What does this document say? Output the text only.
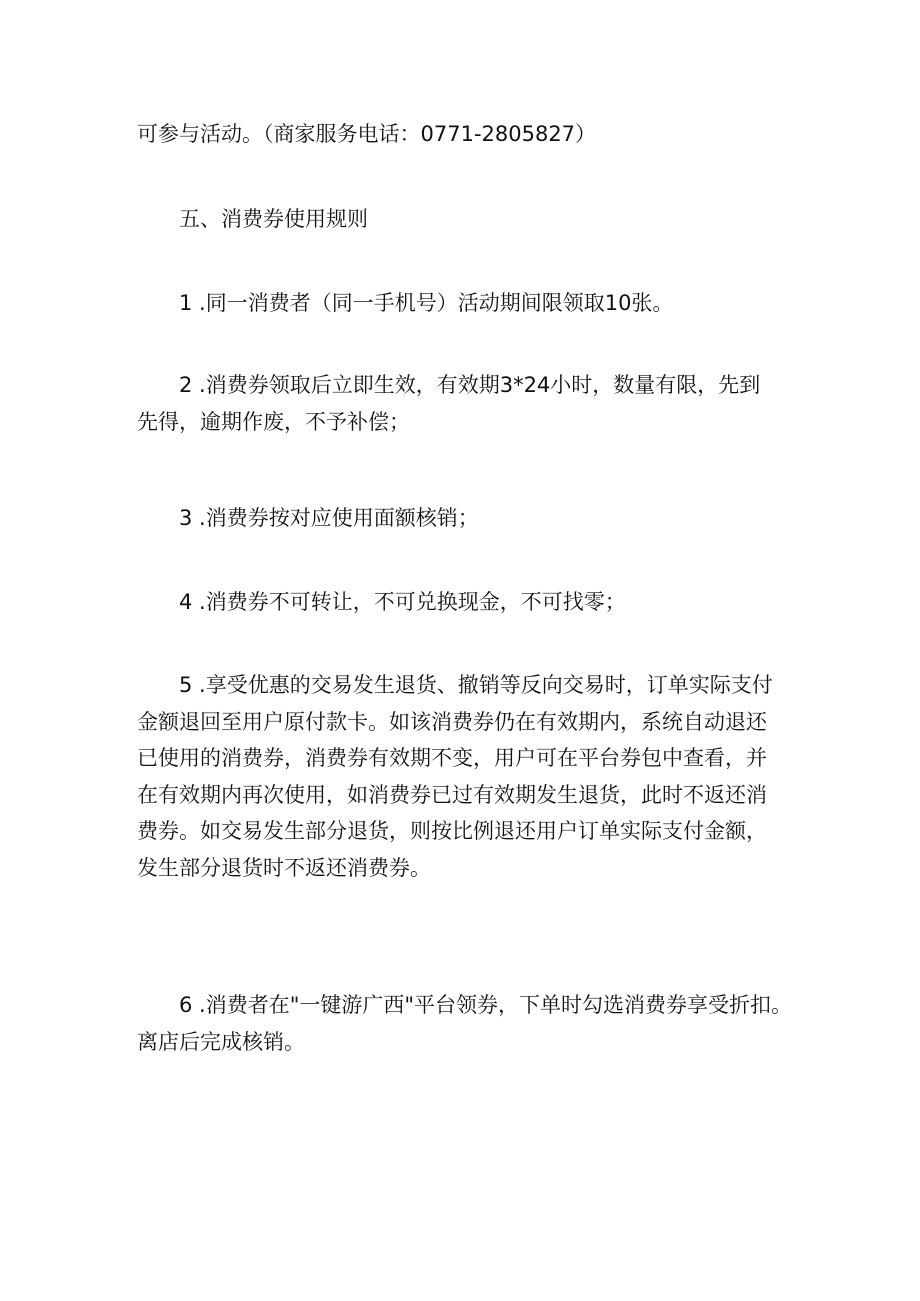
可参与活动。（商家服务电话：0771-2805827）

五、消费券使用规则

1 .同一消费者（同一手机号）活动期间限领取10张。

2 .消费券领取后立即生效，有效期3*24小时，数量有限，先到
先得，逾期作废，不予补偿；

3 .消费券按对应使用面额核销；

4 .消费券不可转让，不可兑换现金，不可找零；

5 .享受优惠的交易发生退货、撤销等反向交易时，订单实际支付
金额退回至用户原付款卡。如该消费券仍在有效期内，系统自动退还
已使用的消费券，消费券有效期不变，用户可在平台券包中查看，并
在有效期内再次使用，如消费券已过有效期发生退货，此时不返还消
费券。如交易发生部分退货，则按比例退还用户订单实际支付金额，
发生部分退货时不返还消费券。

6 .消费者在"一键游广西"平台领券，下单时勾选消费券享受折扣。
离店后完成核销。
